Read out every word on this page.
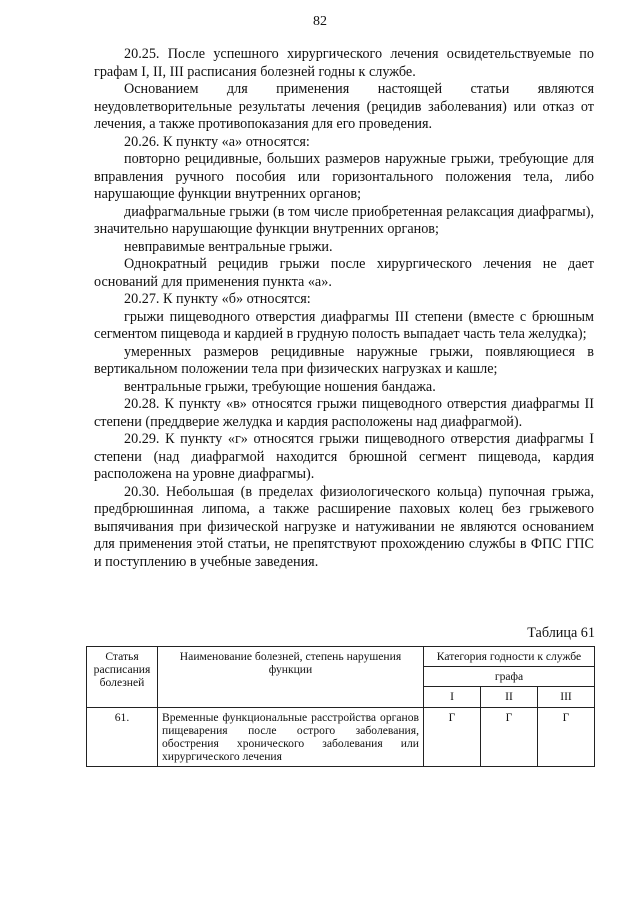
82

20.25. После успешного хирургического лечения освидетельствуемые по графам I, II, III расписания болезней годны к службе.

Основанием для применения настоящей статьи являются неудовлетворительные результаты лечения (рецидив заболевания) или отказ от лечения, а также противопоказания для его проведения.

20.26. К пункту «а» относятся:

повторно рецидивные, больших размеров наружные грыжи, требующие для вправления ручного пособия или горизонтального положения тела, либо нарушающие функции внутренних органов;

диафрагмальные грыжи (в том числе приобретенная релаксация диафрагмы), значительно нарушающие функции внутренних органов;

невправимые вентральные грыжи.

Однократный рецидив грыжи после хирургического лечения не дает оснований для применения пункта «а».

20.27. К пункту «б» относятся:

грыжи пищеводного отверстия диафрагмы III степени (вместе с брюшным сегментом пищевода и кардией в грудную полость выпадает часть тела желудка);

умеренных размеров рецидивные наружные грыжи, появляющиеся в вертикальном положении тела при физических нагрузках и кашле;

вентральные грыжи, требующие ношения бандажа.

20.28. К пункту «в» относятся грыжи пищеводного отверстия диафрагмы II степени (преддверие желудка и кардия расположены над диафрагмой).

20.29. К пункту «г» относятся грыжи пищеводного отверстия диафрагмы I степени (над диафрагмой находится брюшной сегмент пищевода, кардия расположена на уровне диафрагмы).

20.30. Небольшая (в пределах физиологического кольца) пупочная грыжа, предбрюшинная липома, а также расширение паховых колец без грыжевого выпячивания при физической нагрузке и натуживании не являются основанием для применения этой статьи, не препятствуют прохождению службы в ФПС ГПС и поступлению в учебные заведения.

Таблица 61
Статья расписания болезней	Наименование болезней, степень нарушения функции	Категория годности к службе		
		графа		
		I	II	III
61.	Временные функциональные расстройства органов пищеварения после острого заболевания, обострения хронического заболевания или хирургического лечения	Г	Г	Г
